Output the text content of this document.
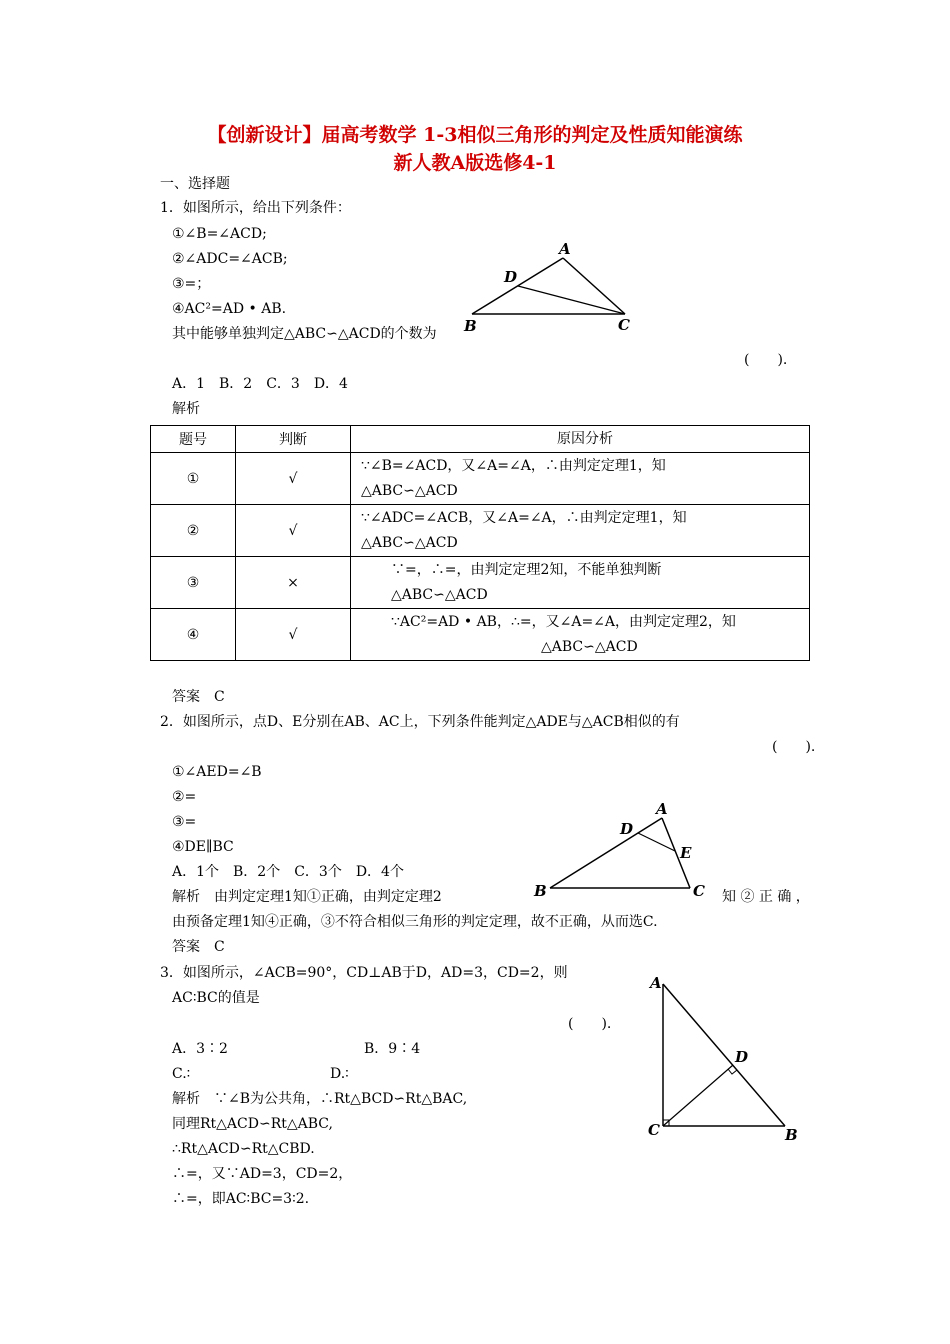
【创新设计】届高考数学 1-3相似三角形的判定及性质知能演练
新人教A版选修4-1
一、选择题
1．如图所示，给出下列条件：
①∠B=∠ACD;
②∠ADC=∠ACB;
③=；
④AC²=AD • AB.
其中能够单独判定△ABC∽△ACD的个数为
(　　).
A．1　B．2　C．3　D．4
解析
A
D
B	C
题号	判断	原因分析
①	√	∵∠B=∠ACD，又∠A=∠A，∴由判定定理1，知
△ABC∽△ACD

②	√	∵∠ADC=∠ACB，又∠A=∠A，∴由判定定理1，知
△ABC∽△ACD

③	×	∵=，∴=，由判定定理2知，不能单独判断
△ABC∽△ACD

④	√	∵AC²=AD • AB，∴=，又∠A=∠A，由判定定理2，知
△ABC∽△ACD
答案　C
2．如图所示，点D、E分别在AB、AC上，下列条件能判定△ADE与△ACB相似的有
(　　).
①∠AED=∠B
②=
③=
④DE∥BC
A．1个　B．2个　C．3个　D．4个
解析　由判定定理1知①正确，由判定定理2	知 ② 正 确 ，
由预备定理1知④正确，③不符合相似三角形的判定定理，故不正确，从而选C.
答案　C
A
D
E
B	C
3．如图所示，∠ACB=90°，CD⊥AB于D，AD=3，CD=2，则
AC∶BC的值是
(　　).
A．3∶2	B．9∶4
C.∶	D.∶
解析　∵∠B为公共角，∴Rt△BCD∽Rt△BAC,
同理Rt△ACD∽Rt△ABC,
∴Rt△ACD∽Rt△CBD.
∴=，又∵AD=3，CD=2，
∴=，即AC∶BC=3∶2.
A
D
C	B
